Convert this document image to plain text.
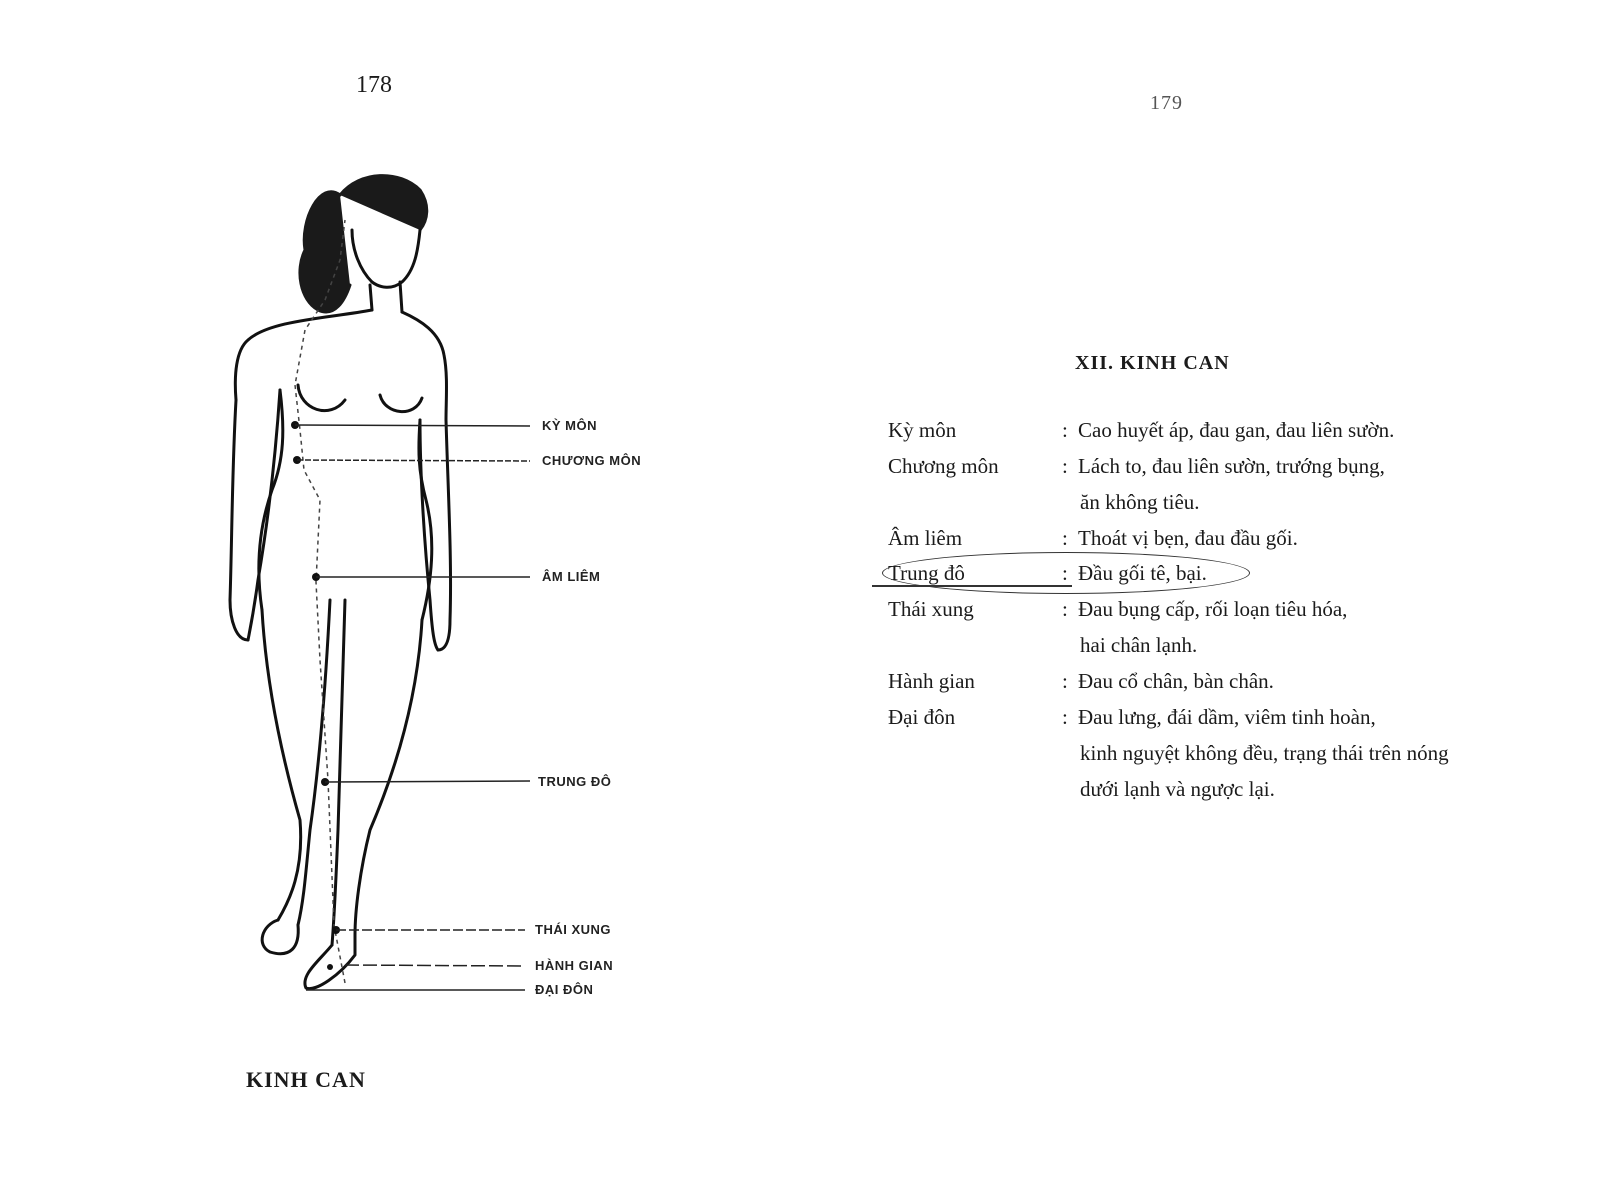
178
179
KỲ MÔN
CHƯƠNG MÔN
ÂM LIÊM
TRUNG ĐÔ
THÁI XUNG
HÀNH GIAN
ĐẠI ĐÔN
KINH CAN
XII. KINH CAN
Kỳ môn	: Cao huyết áp, đau gan, đau liên sườn.
Chương môn	: Lách to, đau liên sườn, trướng bụng,
ăn không tiêu.
Âm liêm	: Thoát vị bẹn, đau đầu gối.
Trung đô	: Đầu gối tê, bại.
Thái xung	: Đau bụng cấp, rối loạn tiêu hóa,
hai chân lạnh.
Hành gian	: Đau cổ chân, bàn chân.
Đại đôn	: Đau lưng, đái dầm, viêm tinh hoàn,
kinh nguyệt không đều, trạng thái trên nóng
dưới lạnh và ngược lại.
